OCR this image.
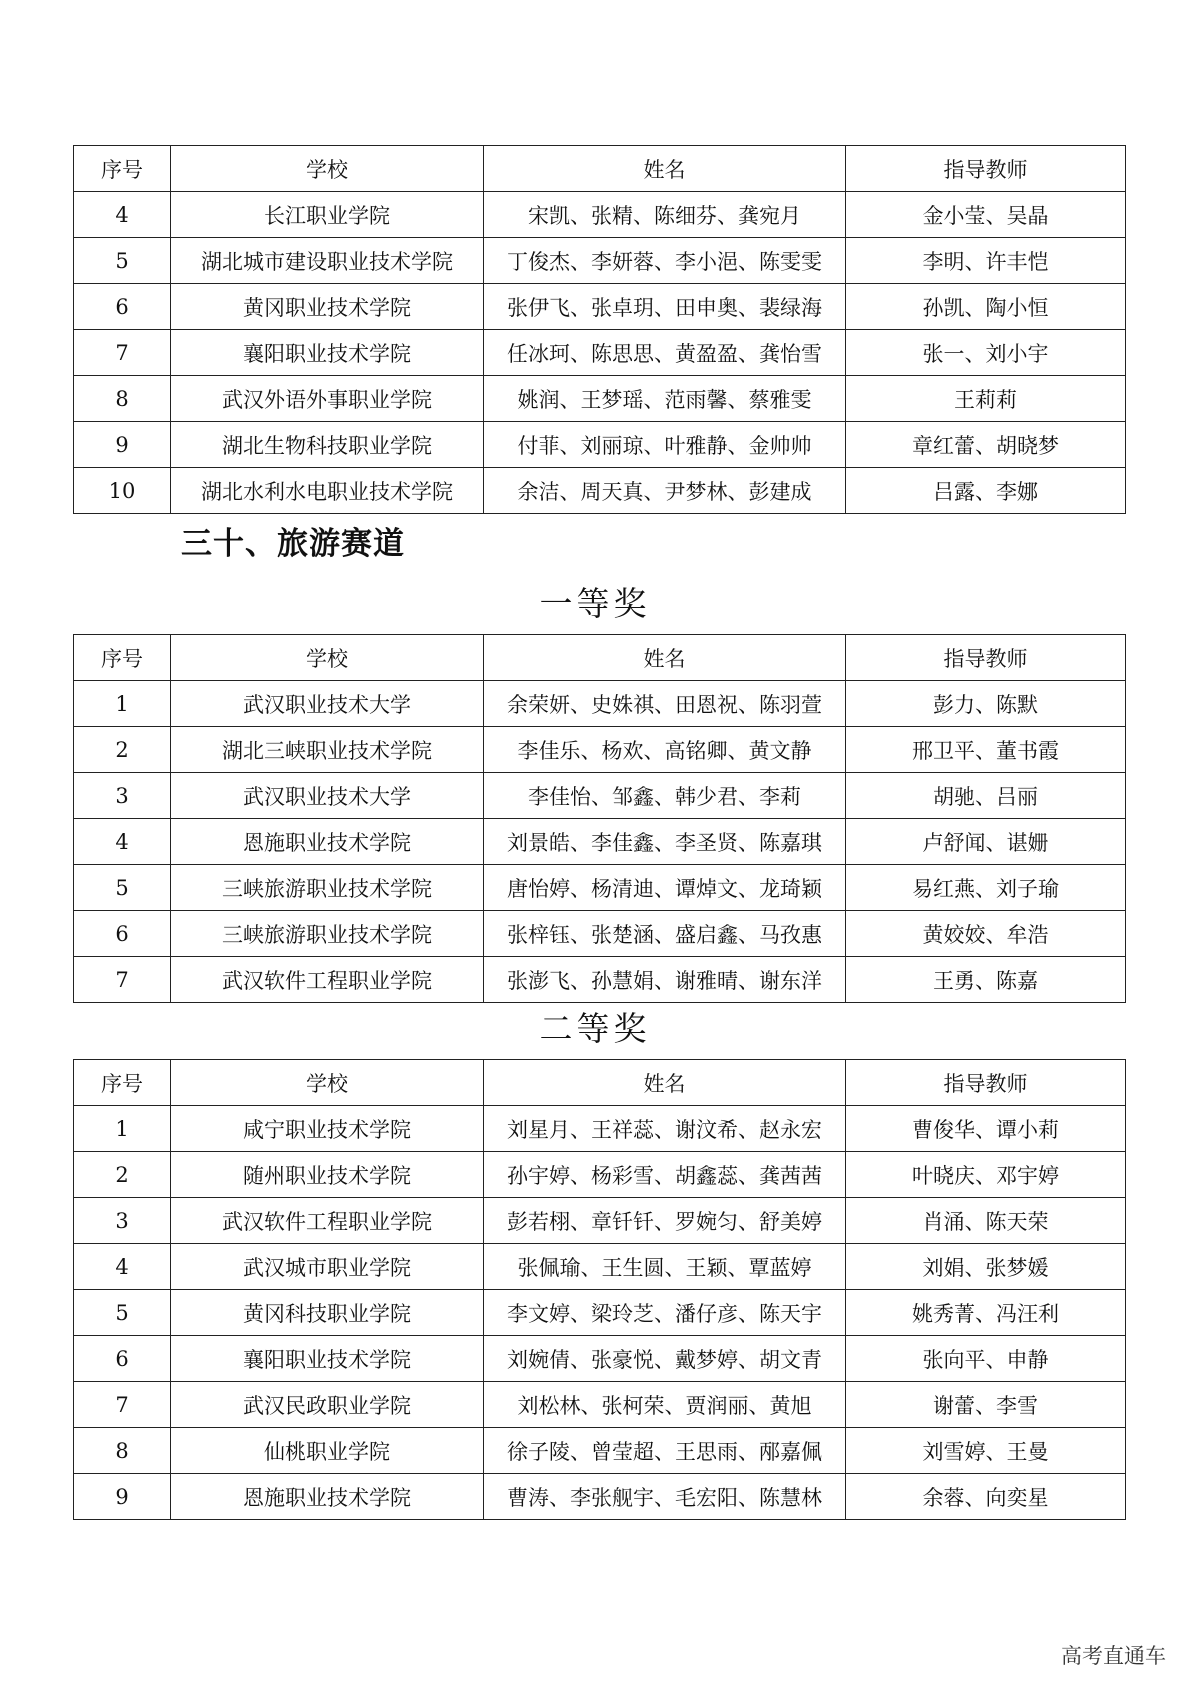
序号	学校	姓名	指导教师
4	长江职业学院	宋凯、张精、陈细芬、龚宛月	金小莹、吴晶
5	湖北城市建设职业技术学院	丁俊杰、李妍蓉、李小浥、陈雯雯	李明、许丰恺
6	黄冈职业技术学院	张伊飞、张卓玥、田申奥、裴绿海	孙凯、陶小恒
7	襄阳职业技术学院	任冰珂、陈思思、黄盈盈、龚怡雪	张一、刘小宇
8	武汉外语外事职业学院	姚润、王梦瑶、范雨馨、蔡雅雯	王莉莉
9	湖北生物科技职业学院	付菲、刘丽琼、叶雅静、金帅帅	章红蕾、胡晓梦
10	湖北水利水电职业技术学院	余洁、周天真、尹梦林、彭建成	吕露、李娜
三十、旅游赛道
一等奖
序号	学校	姓名	指导教师
1	武汉职业技术大学	余荣妍、史姝祺、田恩祝、陈羽萱	彭力、陈默
2	湖北三峡职业技术学院	李佳乐、杨欢、高铭卿、黄文静	邢卫平、董书霞
3	武汉职业技术大学	李佳怡、邹鑫、韩少君、李莉	胡驰、吕丽
4	恩施职业技术学院	刘景皓、李佳鑫、李圣贤、陈嘉琪	卢舒闻、谌姗
5	三峡旅游职业技术学院	唐怡婷、杨清迪、谭焯文、龙琦颖	易红燕、刘子瑜
6	三峡旅游职业技术学院	张梓钰、张楚涵、盛启鑫、马孜惠	黄姣姣、牟浩
7	武汉软件工程职业学院	张澎飞、孙慧娟、谢雅晴、谢东洋	王勇、陈嘉
二等奖
序号	学校	姓名	指导教师
1	咸宁职业技术学院	刘星月、王祥蕊、谢汶希、赵永宏	曹俊华、谭小莉
2	随州职业技术学院	孙宇婷、杨彩雪、胡鑫蕊、龚茜茜	叶晓庆、邓宇婷
3	武汉软件工程职业学院	彭若栩、章钎钎、罗婉匀、舒美婷	肖涌、陈天荣
4	武汉城市职业学院	张佩瑜、王生圆、王颖、覃蓝婷	刘娟、张梦媛
5	黄冈科技职业学院	李文婷、梁玲芝、潘仔彦、陈天宇	姚秀菁、冯汪利
6	襄阳职业技术学院	刘婉倩、张豪悦、戴梦婷、胡文青	张向平、申静
7	武汉民政职业学院	刘松林、张柯荣、贾润丽、黄旭	谢蕾、李雪
8	仙桃职业学院	徐子陵、曾莹超、王思雨、邴嘉佩	刘雪婷、王曼
9	恩施职业技术学院	曹涛、李张舰宇、毛宏阳、陈慧林	余蓉、向奕星
高考直通车
